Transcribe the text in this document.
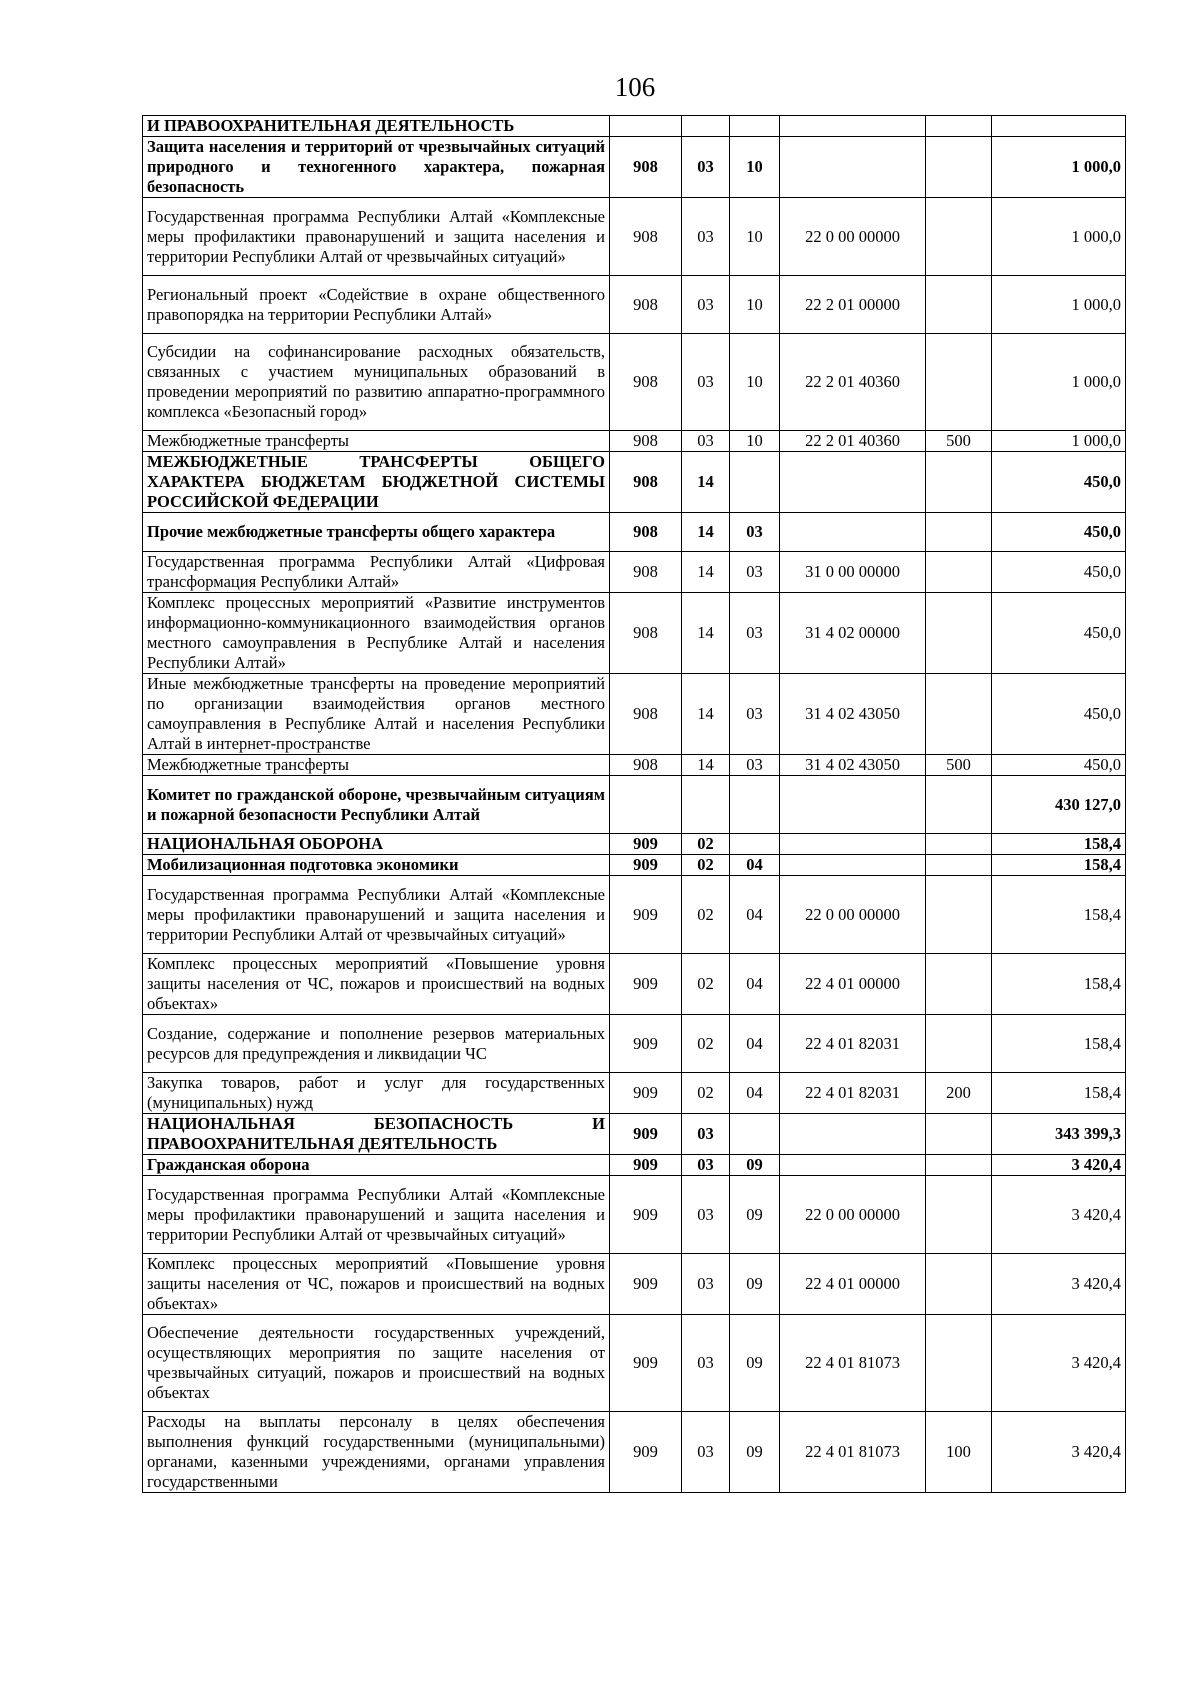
106
И ПРАВООХРАНИТЕЛЬНАЯ ДЕЯТЕЛЬНОСТЬ						
Защита населения и территорий от чрезвычайных ситуаций природного и техногенного характера, пожарная безопасность	908	03	10			1 000,0
Государственная программа Республики Алтай «Комплексные меры профилактики правонарушений и защита населения и территории Республики Алтай от чрезвычайных ситуаций»	908	03	10	22 0 00 00000		1 000,0
Региональный проект «Содействие в охране общественного правопорядка на территории Республики Алтай»	908	03	10	22 2 01 00000		1 000,0
Субсидии на софинансирование расходных обязательств, связанных с участием муниципальных образований в проведении мероприятий по развитию аппаратно-программного комплекса «Безопасный город»	908	03	10	22 2 01 40360		1 000,0
Межбюджетные трансферты	908	03	10	22 2 01 40360	500	1 000,0
МЕЖБЮДЖЕТНЫЕ ТРАНСФЕРТЫ ОБЩЕГО ХАРАКТЕРА БЮДЖЕТАМ БЮДЖЕТНОЙ СИСТЕМЫ РОССИЙСКОЙ ФЕДЕРАЦИИ	908	14				450,0
Прочие межбюджетные трансферты общего характера	908	14	03			450,0
Государственная программа Республики Алтай «Цифровая трансформация Республики Алтай»	908	14	03	31 0 00 00000		450,0
Комплекс процессных мероприятий «Развитие инструментов информационно-коммуникационного взаимодействия органов местного самоуправления в Республике Алтай и населения Республики Алтай»	908	14	03	31 4 02 00000		450,0
Иные межбюджетные трансферты на проведение мероприятий по организации взаимодействия органов местного самоуправления в Республике Алтай и населения Республики Алтай в интернет-пространстве	908	14	03	31 4 02 43050		450,0
Межбюджетные трансферты	908	14	03	31 4 02 43050	500	450,0
Комитет по гражданской обороне, чрезвычайным ситуациям и пожарной безопасности Республики Алтай						430 127,0
НАЦИОНАЛЬНАЯ ОБОРОНА	909	02				158,4
Мобилизационная подготовка экономики	909	02	04			158,4
Государственная программа Республики Алтай «Комплексные меры профилактики правонарушений и защита населения и территории Республики Алтай от чрезвычайных ситуаций»	909	02	04	22 0 00 00000		158,4
Комплекс процессных мероприятий «Повышение уровня защиты населения от ЧС, пожаров и происшествий на водных объектах»	909	02	04	22 4 01 00000		158,4
Создание, содержание и пополнение резервов материальных ресурсов для предупреждения и ликвидации ЧС	909	02	04	22 4 01 82031		158,4
Закупка товаров, работ и услуг для государственных (муниципальных) нужд	909	02	04	22 4 01 82031	200	158,4
НАЦИОНАЛЬНАЯ БЕЗОПАСНОСТЬ И ПРАВООХРАНИТЕЛЬНАЯ ДЕЯТЕЛЬНОСТЬ	909	03				343 399,3
Гражданская оборона	909	03	09			3 420,4
Государственная программа Республики Алтай «Комплексные меры профилактики правонарушений и защита населения и территории Республики Алтай от чрезвычайных ситуаций»	909	03	09	22 0 00 00000		3 420,4
Комплекс процессных мероприятий «Повышение уровня защиты населения от ЧС, пожаров и происшествий на водных объектах»	909	03	09	22 4 01 00000		3 420,4
Обеспечение деятельности государственных учреждений, осуществляющих мероприятия по защите населения от чрезвычайных ситуаций, пожаров и происшествий на водных объектах	909	03	09	22 4 01 81073		3 420,4
Расходы на выплаты персоналу в целях обеспечения выполнения функций государственными (муниципальными) органами, казенными учреждениями, органами управления государственными	909	03	09	22 4 01 81073	100	3 420,4
